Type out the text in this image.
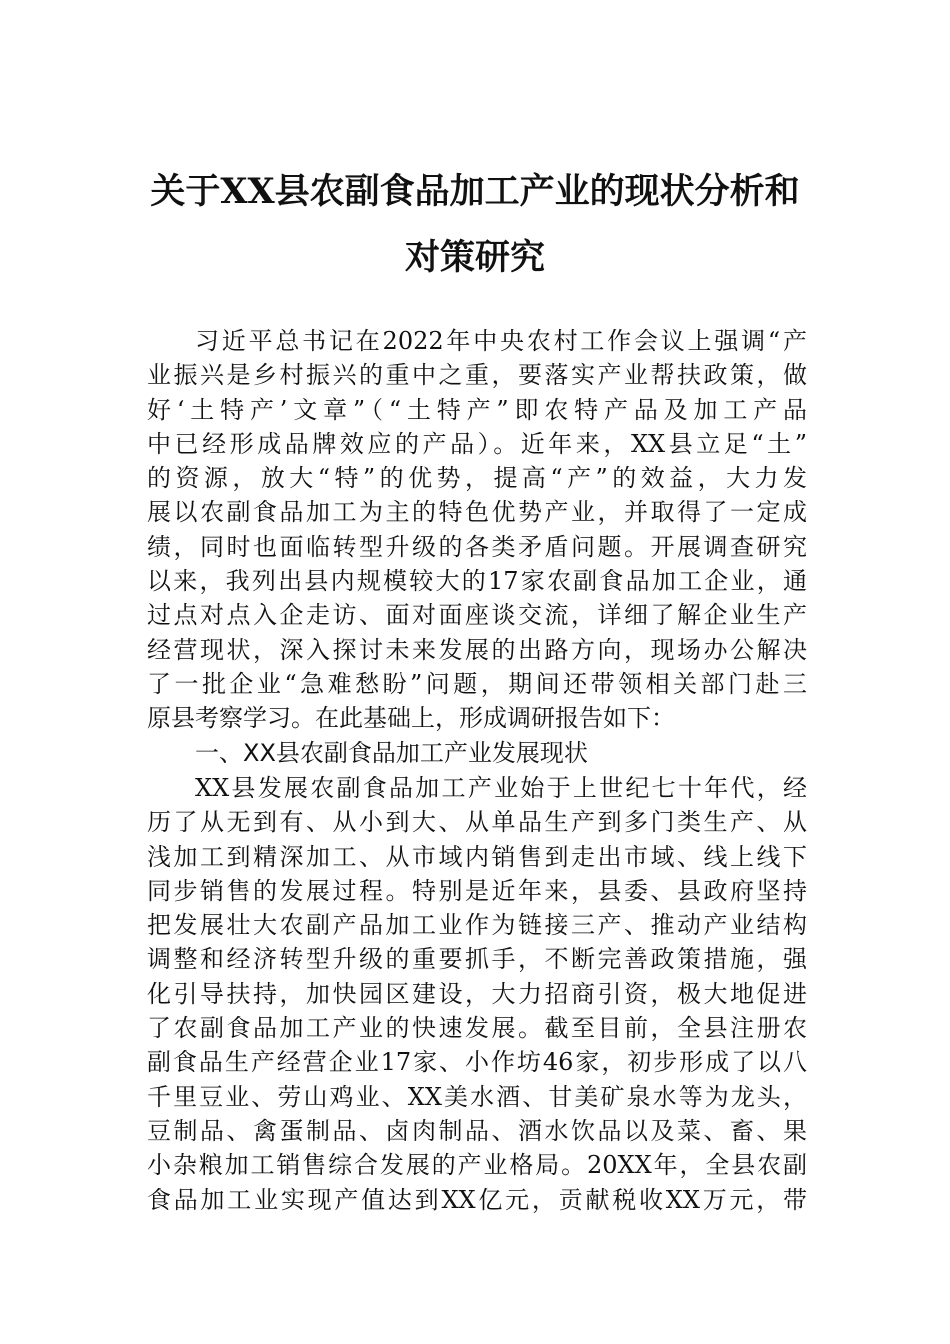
关于XX县农副食品加工产业的现状分析和
对策研究
习近平总书记在2022年中央农村工作会议上强调“产
业振兴是乡村振兴的重中之重，要落实产业帮扶政策，做
好‘土特产’文章”（“土特产”即农特产品及加工产品
中已经形成品牌效应的产品）。近年来，XX县立足“土”
的资源，放大“特”的优势，提高“产”的效益，大力发
展以农副食品加工为主的特色优势产业，并取得了一定成
绩，同时也面临转型升级的各类矛盾问题。开展调查研究
以来，我列出县内规模较大的17家农副食品加工企业，通
过点对点入企走访、面对面座谈交流，详细了解企业生产
经营现状，深入探讨未来发展的出路方向，现场办公解决
了一批企业“急难愁盼”问题，期间还带领相关部门赴三
原县考察学习。在此基础上，形成调研报告如下：
一、XX县农副食品加工产业发展现状
XX县发展农副食品加工产业始于上世纪七十年代，经
历了从无到有、从小到大、从单品生产到多门类生产、从
浅加工到精深加工、从市域内销售到走出市域、线上线下
同步销售的发展过程。特别是近年来，县委、县政府坚持
把发展壮大农副产品加工业作为链接三产、推动产业结构
调整和经济转型升级的重要抓手，不断完善政策措施，强
化引导扶持，加快园区建设，大力招商引资，极大地促进
了农副食品加工产业的快速发展。截至目前，全县注册农
副食品生产经营企业17家、小作坊46家，初步形成了以八
千里豆业、劳山鸡业、XX美水酒、甘美矿泉水等为龙头，
豆制品、禽蛋制品、卤肉制品、酒水饮品以及菜、畜、果
小杂粮加工销售综合发展的产业格局。20XX年，全县农副
食品加工业实现产值达到XX亿元，贡献税收XX万元，带
